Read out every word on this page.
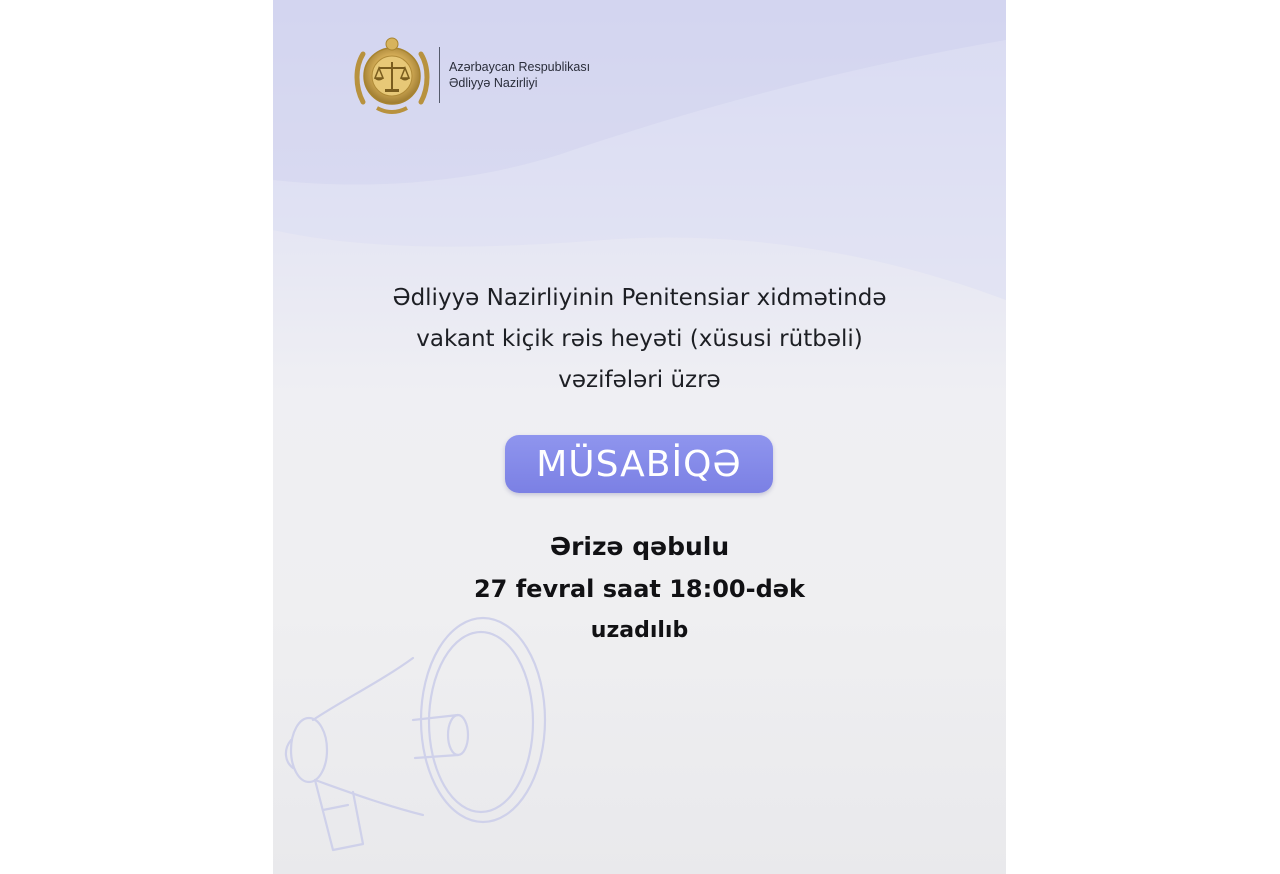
Azərbaycan Respublikası
Ədliyyə Nazirliyi
Ədliyyə Nazirliyinin Penitensiar xidmətində
vakant kiçik rəis heyəti (xüsusi rütbəli)
vəzifələri üzrə
MÜSABİQƏ
Ərizə qəbulu
27 fevral saat 18:00-dək
uzadılıb
